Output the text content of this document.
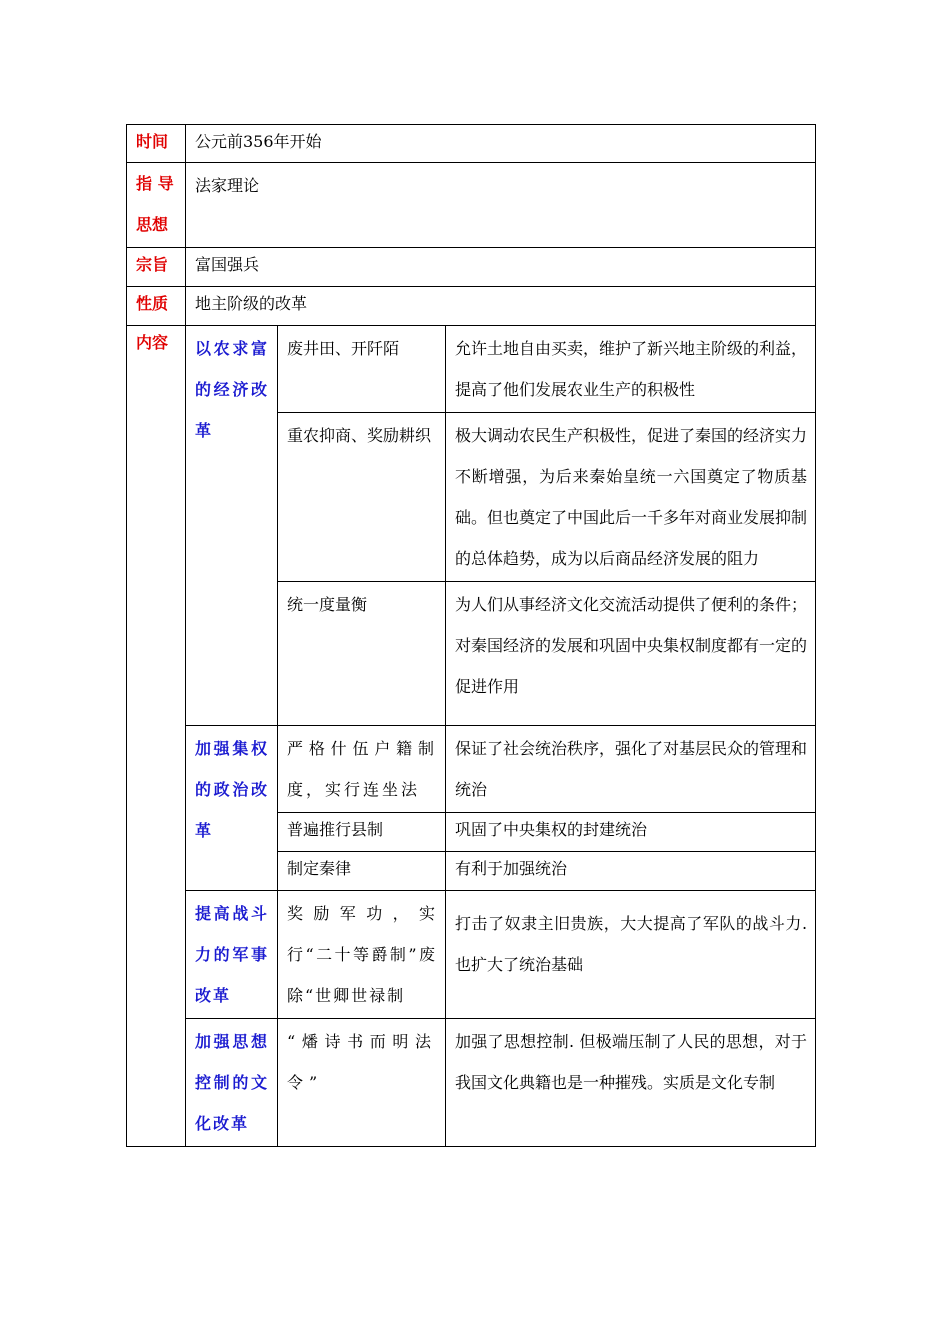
时间	公元前356年开始		
指 导 思想	法家理论		
宗旨	富国强兵		
性质	地主阶级的改革		
内容	以农求富的经济改革	废井田、开阡陌	允许土地自由买卖，维护了新兴地主阶级的利益，提高了他们发展农业生产的积极性
		重农抑商、奖励耕织	极大调动农民生产积极性，促进了秦国的经济实力不断增强，为后来秦始皇统一六国奠定了物质基础。但也奠定了中国此后一千多年对商业发展抑制的总体趋势，成为以后商品经济发展的阻力
		统一度量衡	为人们从事经济文化交流活动提供了便利的条件；对秦国经济的发展和巩固中央集权制度都有一定的促进作用
	加强集权的政治改革	严格什伍户籍制度，实行连坐法	保证了社会统治秩序，强化了对基层民众的管理和统治
		普遍推行县制	巩固了中央集权的封建统治
		制定秦律	有利于加强统治
	提高战斗力的军事改革	奖励军功，实行“二十等爵制”废除“世卿世禄制	打击了奴隶主旧贵族，大大提高了军队的战斗力. 也扩大了统治基础
	加强思想控制的文化改革	“燔诗书而明法令”	加强了思想控制. 但极端压制了人民的思想，对于我国文化典籍也是一种摧残。实质是文化专制
